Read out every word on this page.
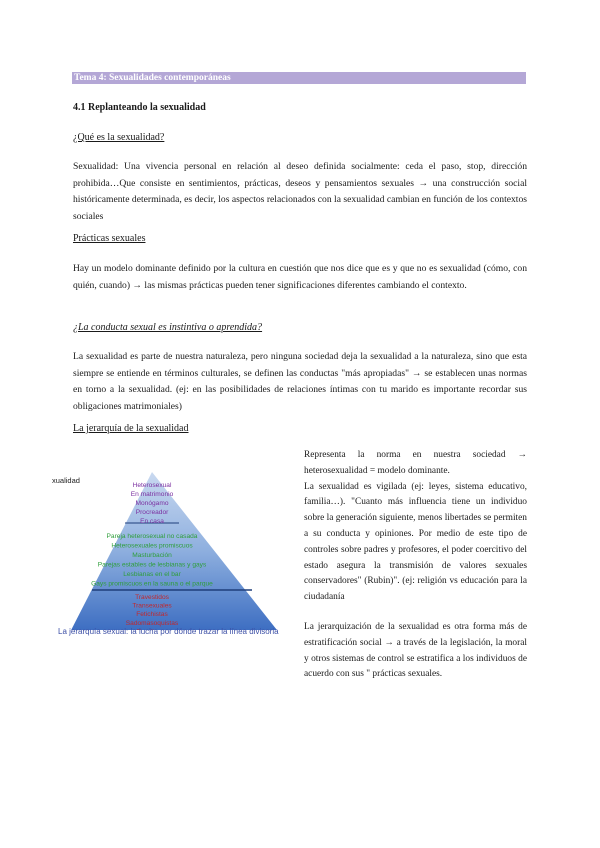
Tema 4: Sexualidades contemporáneas
4.1 Replanteando la sexualidad
¿Qué es la sexualidad?

Sexualidad: Una vivencia personal en relación al deseo definida socialmente: ceda el paso, stop, dirección prohibida…Que consiste en sentimientos, prácticas, deseos y pensamientos sexuales → una construcción social históricamente determinada, es decir, los aspectos relacionados con la sexualidad cambian en función de los contextos sociales

Prácticas sexuales

Hay un modelo dominante definido por la cultura en cuestión que nos dice que es y que no es sexualidad (cómo, con quién, cuando) → las mismas prácticas pueden tener significaciones diferentes cambiando el contexto.

¿La conducta sexual es instintiva o aprendida?

La sexualidad es parte de nuestra naturaleza, pero ninguna sociedad deja la sexualidad a la naturaleza, sino que esta siempre se entiende en términos culturales, se definen las conductas "más apropiadas" → se establecen unas normas en torno a la sexualidad. (ej: en las posibilidades de relaciones íntimas con tu marido es importante recordar sus obligaciones matrimoniales)

La jerarquía de la sexualidad
xualidad
Heterosexual
En matrimonio
Monógamo
Procreador
En casa
Pareja heterosexual no casada
Heterosexuales promiscuos
Masturbación
Parejas estables de lesbianas y gays
Lesbianas en el bar
Gays promiscuos en la sauna o el parque
Travestidos
Transexuales
Fetichistas
Sadomasoquistas
La jerarquía sexual: la lucha por dónde trazar la línea divisoria

Representa la norma en nuestra sociedad → heterosexualidad = modelo dominante.

La sexualidad es vigilada (ej: leyes, sistema educativo, familia…). "Cuanto más influencia tiene un individuo sobre la generación siguiente, menos libertades se permiten a su conducta y opiniones. Por medio de este tipo de controles sobre padres y profesores, el poder coercitivo del estado asegura la transmisión de valores sexuales conservadores" (Rubin)". (ej: religión vs educación para la ciudadanía

La jerarquización de la sexualidad es otra forma más de estratificación social → a través de la legislación, la moral y otros sistemas de control se estratifica a los individuos de acuerdo con sus " prácticas sexuales.
